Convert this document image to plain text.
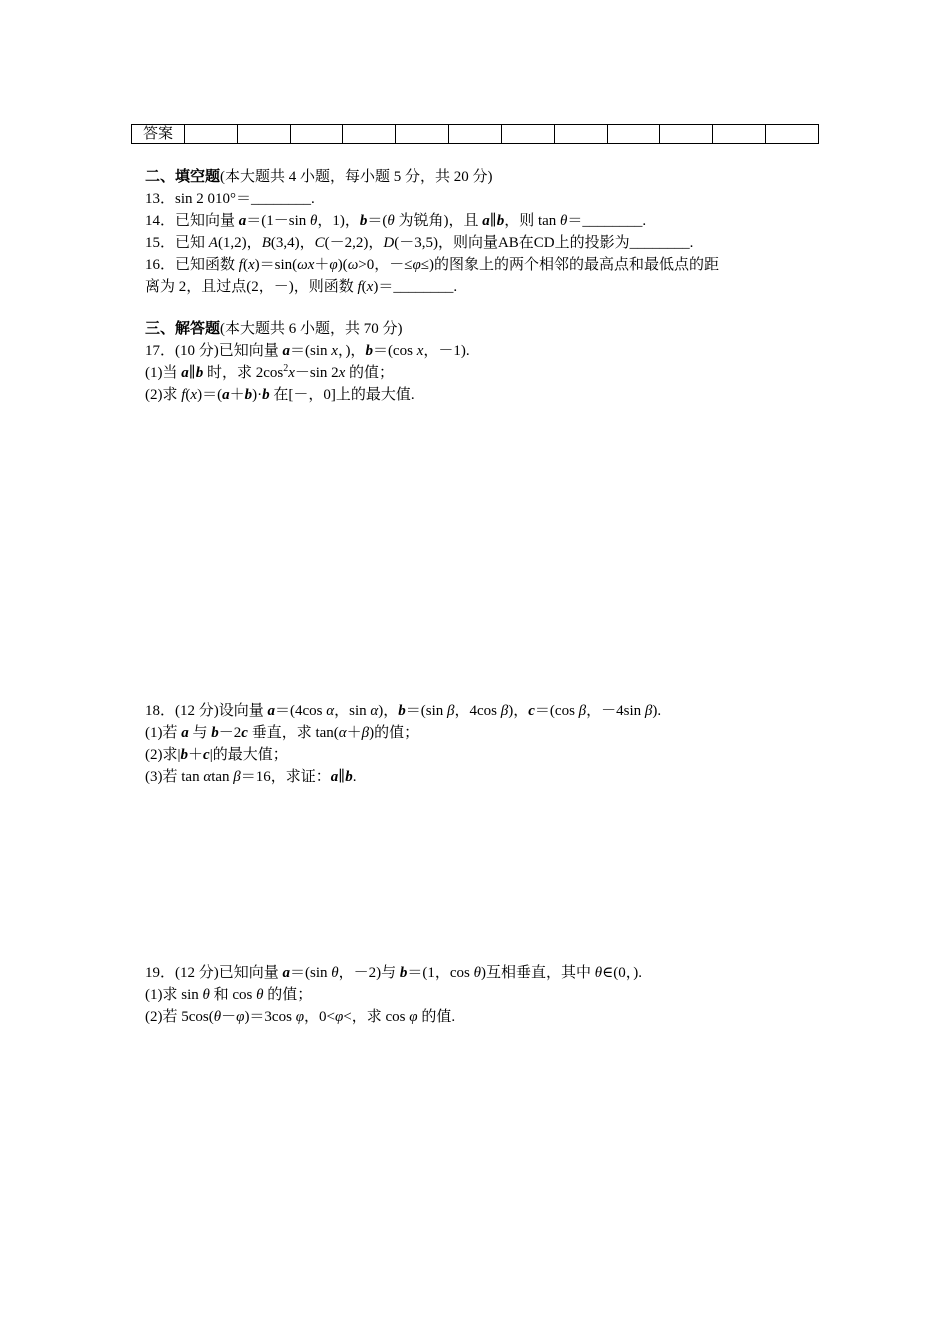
答案												
二、填空题(本大题共 4 小题，每小题 5 分，共 20 分)
13．sin 2 010°＝________.
14．已知向量 a＝(1－sin θ，1)，b＝(θ 为锐角)，且 a∥b，则 tan θ＝________.
15．已知 A(1,2)，B(3,4)，C(－2,2)，D(－3,5)，则向量AB在CD上的投影为________.
16．已知函数 f(x)＝sin(ωx＋φ)(ω>0，－≤φ≤)的图象上的两个相邻的最高点和最低点的距
离为 2，且过点(2，－)，则函数 f(x)＝________.
三、解答题(本大题共 6 小题，共 70 分)
17．(10 分)已知向量 a＝(sin x，)，b＝(cos x，－1).
(1)当 a∥b 时，求 $2\cos^2x-\sin$ 2x 的值；
(2)求 f(x)＝(a＋b)·b 在[－，0]上的最大值.
18．(12 分)设向量 a＝(4cos α，sin α)，b＝(sin β，4cos β)，c＝(cos β，－4sin β).
(1)若 a 与 b－2c 垂直，求 tan(α＋β)的值；
(2)求|b＋c|的最大值；
(3)若 tan αtan β＝16，求证：a∥b.
19．(12 分)已知向量 a＝(sin θ，－2)与 b＝(1，cos θ)互相垂直，其中 θ∈(0，).
(1)求 sin θ 和 cos θ 的值；
(2)若 5cos(θ－φ)＝3cos φ，0<φ<，求 cos φ 的值.
